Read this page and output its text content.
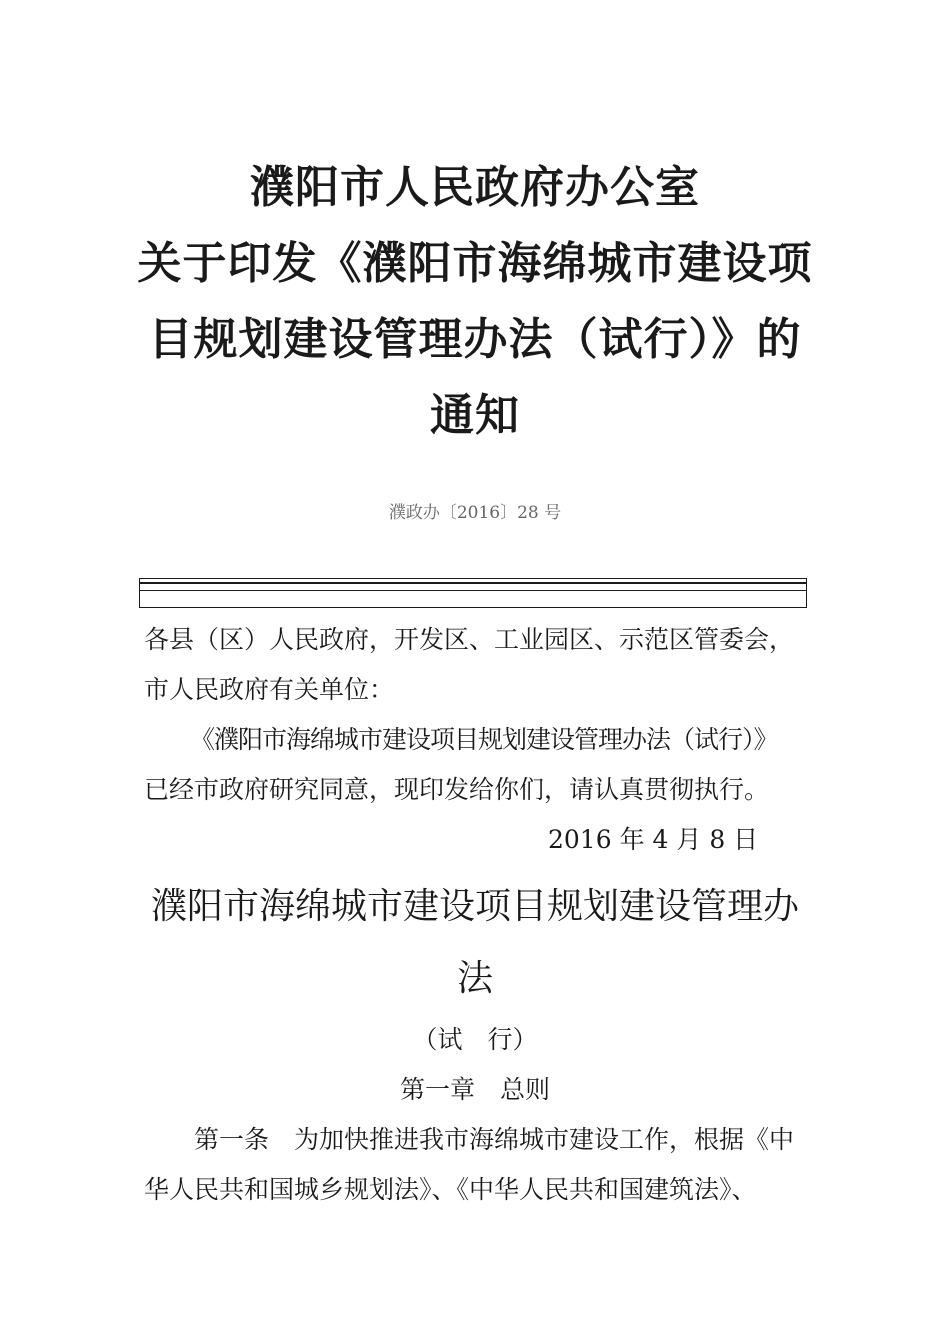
濮阳市人民政府办公室
关于印发《濮阳市海绵城市建设项
目规划建设管理办法（试行）》的
通知
濮政办〔2016〕28 号
各县（区）人民政府，开发区、工业园区、示范区管委会，
市人民政府有关单位：
《濮阳市海绵城市建设项目规划建设管理办法（试行）》
已经市政府研究同意，现印发给你们，请认真贯彻执行。
2016 年 4 月 8 日
濮阳市海绵城市建设项目规划建设管理办
法
（试　行）
第一章　总则
第一条　为加快推进我市海绵城市建设工作，根据《中
华人民共和国城乡规划法》、《中华人民共和国建筑法》、
